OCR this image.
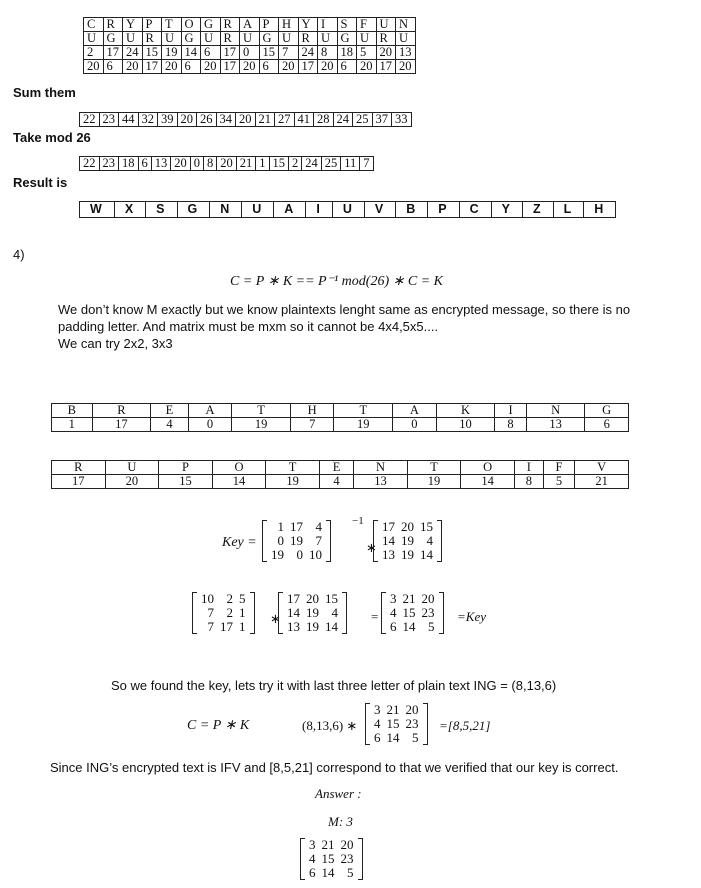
C	R	Y	P	T	O	G	R	A	P	H	Y	I	S	F	U	N
U	G	U	R	U	G	U	R	U	G	U	R	U	G	U	R	U
2	17	24	15	19	14	6	17	0	15	7	24	8	18	5	20	13
20	6	20	17	20	6	20	17	20	6	20	17	20	6	20	17	20
Sum them
22	23	44	32	39	20	26	34	20	21	27	41	28	24	25	37	33
Take mod 26
22	23	18	6	13	20	0	8	20	21	1	15	2	24	25	11	7
Result is
W	X	S	G	N	U	A	I	U	V	B	P	C	Y	Z	L	H
4)
C = P ∗ K == P⁻¹ mod(26) ∗ C = K
We don’t know M exactly but we know plaintexts lenght same as encrypted message, so there is no
padding letter. And matrix must be mxm so it cannot be 4x4,5x5....
We can try 2x2, 3x3
B	R	E	A	T	H	T	A	K	I	N	G
1	17	4	0	19	7	19	0	10	8	13	6
R	U	P	O	T	E	N	T	O	I	F	V
17	20	15	14	19	4	13	19	14	8	5	21
Key =
1	17	4
0	19	7
19	0	10
−1
∗
17	20	15
14	19	4
13	19	14
10	2	5
7	2	1
7	17	1
∗
17	20	15
14	19	4
13	19	14
=
3	21	20
4	15	23
6	14	5
=Key
So we found the key, lets try it with last three letter of plain text ING = (8,13,6)
C = P ∗ K	(8,13,6) ∗
3	21	20
4	15	23
6	14	5
=[8,5,21]
Since ING’s encrypted text is IFV and [8,5,21] correspond to that we verified that our key is correct.
Answer :
M: 3
3	21	20
4	15	23
6	14	5
